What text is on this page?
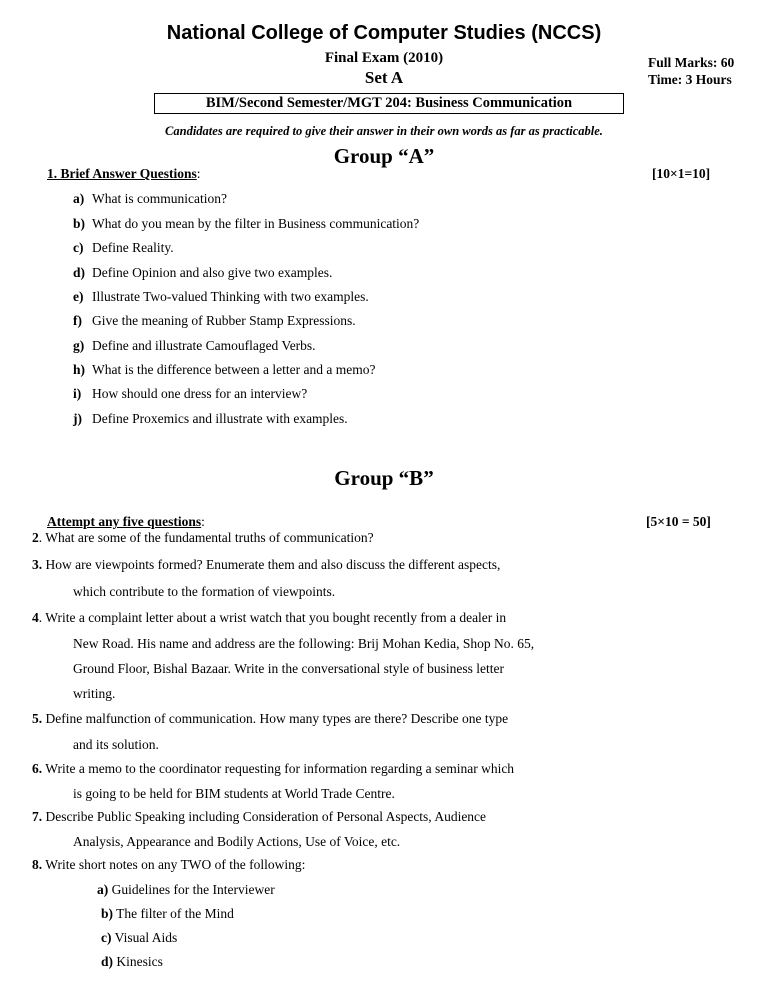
National College of Computer Studies (NCCS)
Final Exam (2010)
Set A
Full Marks: 60
Time: 3 Hours
BIM/Second Semester/MGT 204: Business Communication
Candidates are required to give their answer in their own words as far as practicable.
Group “A”
1. Brief Answer Questions:	[10×1=10]
a) What is communication?
b) What do you mean by the filter in Business communication?
c) Define Reality.
d) Define Opinion and also give two examples.
e) Illustrate Two-valued Thinking with two examples.
f) Give the meaning of Rubber Stamp Expressions.
g) Define and illustrate Camouflaged Verbs.
h) What is the difference between a letter and a memo?
i) How should one dress for an interview?
j) Define Proxemics and illustrate with examples.
Group “B”
Attempt any five questions:	[5×10 = 50]
2. What are some of the fundamental truths of communication?
3. How are viewpoints formed? Enumerate them and also discuss the different aspects,
which contribute to the formation of viewpoints.
4. Write a complaint letter about a wrist watch that you bought recently from a dealer in
New Road. His name and address are the following: Brij Mohan Kedia, Shop No. 65,
Ground Floor, Bishal Bazaar. Write in the conversational style of business letter
writing.
5. Define malfunction of communication. How many types are there? Describe one type
and its solution.
6. Write a memo to the coordinator requesting for information regarding a seminar which
is going to be held for BIM students at World Trade Centre.
7. Describe Public Speaking including Consideration of Personal Aspects, Audience
Analysis, Appearance and Bodily Actions, Use of Voice, etc.
8. Write short notes on any TWO of the following:
a) Guidelines for the Interviewer
b) The filter of the Mind
c) Visual Aids
d) Kinesics
